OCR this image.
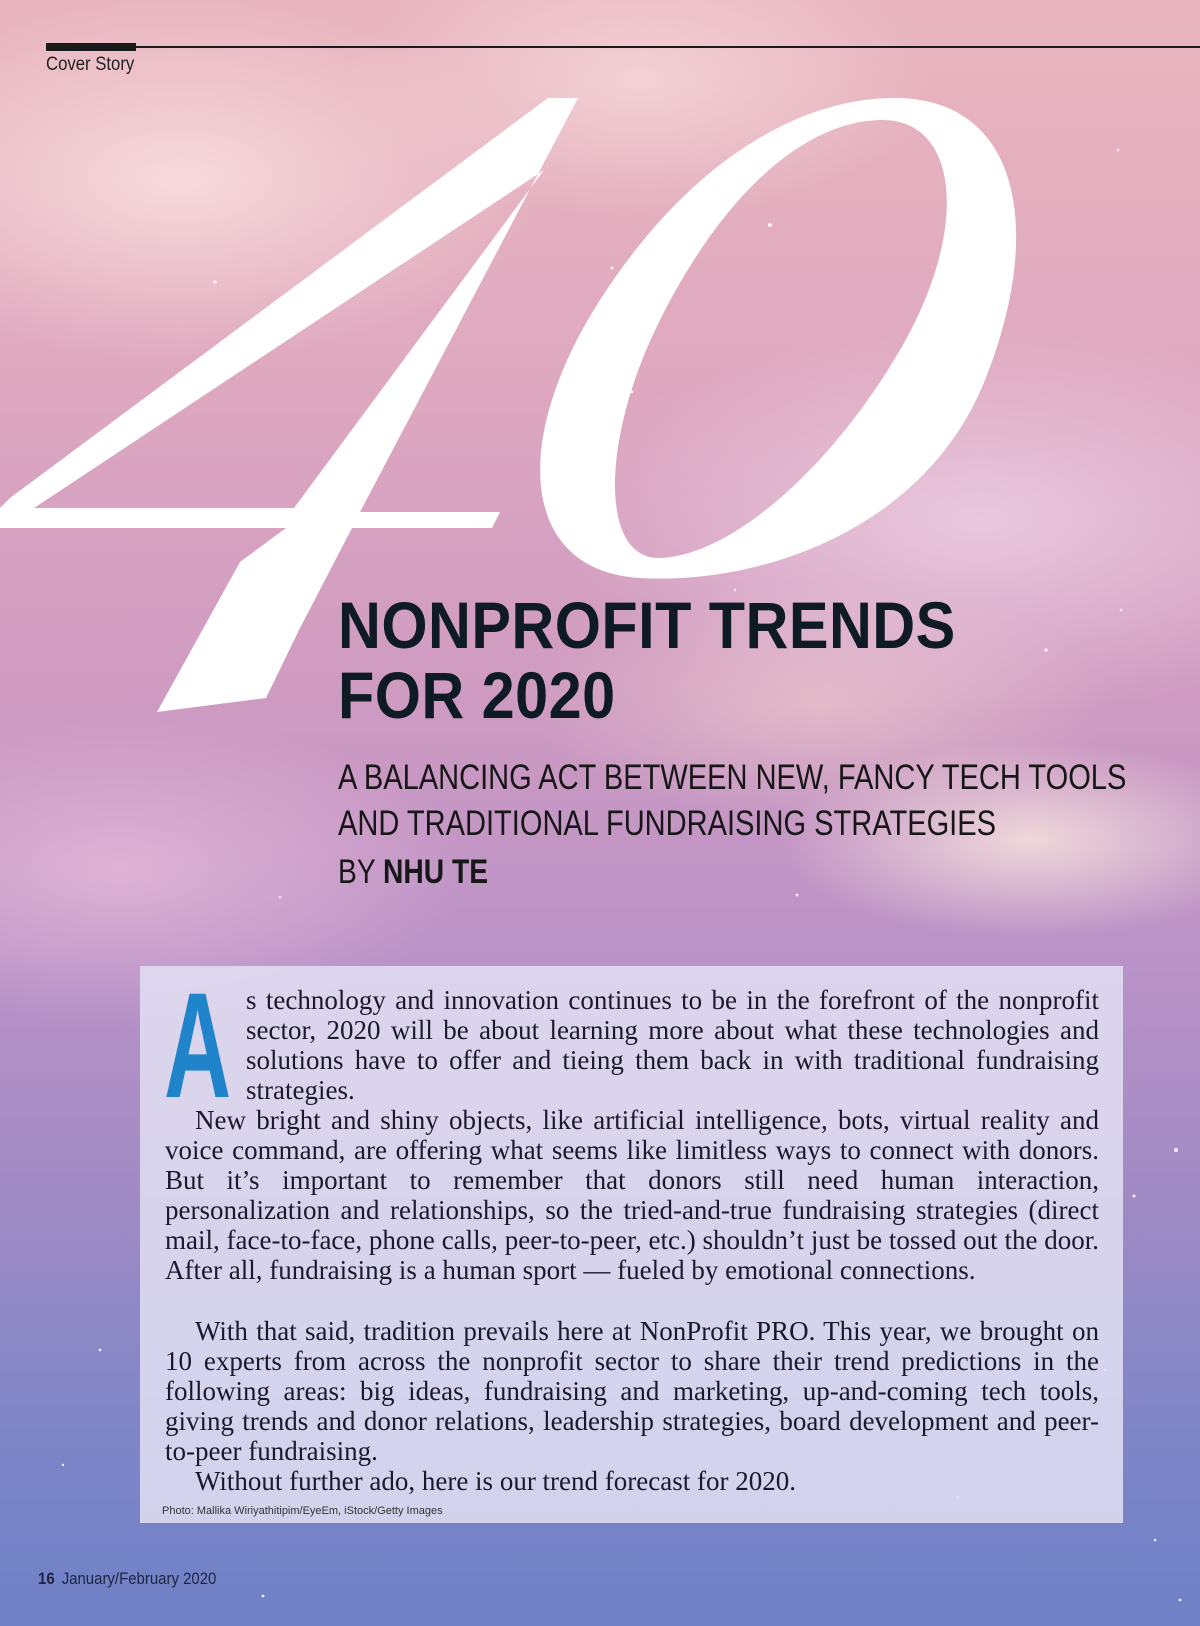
Cover Story
NONPROFIT TRENDS
FOR 2020
A BALANCING ACT BETWEEN NEW, FANCY TECH TOOLS
AND TRADITIONAL FUNDRAISING STRATEGIES
BY NHU TE
A s technology and innovation continues to be in the forefront of the nonprofit sector, 2020 will be about learning more about what these technologies and solutions have to offer and tieing them back in with traditional fundraising strategies.

New bright and shiny objects, like artificial intelligence, bots, virtual reality and voice command, are offering what seems like limitless ways to connect with donors. But it’s important to remember that donors still need human interaction, personalization and relationships, so the tried-and-true fundraising strategies (direct mail, face-to-face, phone calls, peer-to-peer, etc.) shouldn’t just be tossed out the door. After all, fundraising is a human sport — fueled by emotional connections.

With that said, tradition prevails here at NonProfit PRO. This year, we brought on 10 experts from across the nonprofit sector to share their trend predictions in the following areas: big ideas, fundraising and marketing, up-and-coming tech tools, giving trends and donor relations, leadership strategies, board development and peer-to-peer fundraising.

Without further ado, here is our trend forecast for 2020.

Photo: Mallika Wiriyathitipim/EyeEm, iStock/Getty Images
16 January/February 2020
